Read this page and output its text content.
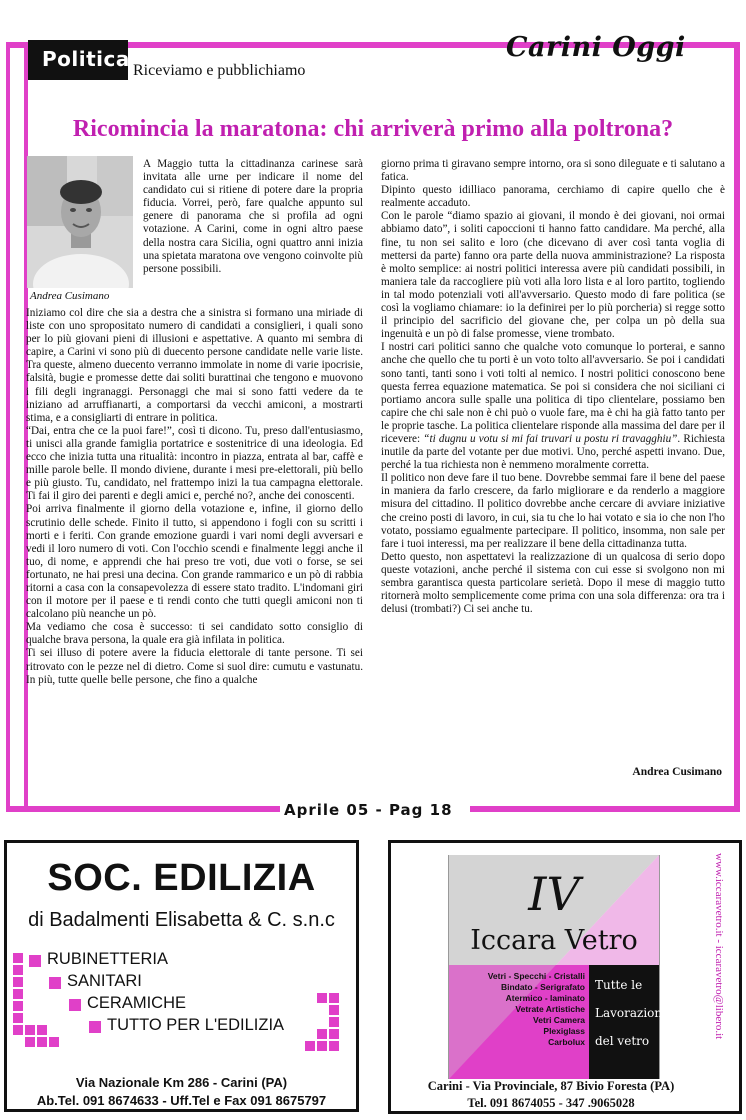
Politica Riceviamo e pubblichiamo
Carini Oggi
Ricomincia la maratona: chi arriverà primo alla poltrona?
Andrea Cusimano
A Maggio tutta la cittadinanza carinese sarà invitata alle urne per indicare il nome del candidato cui si ritiene di potere dare la propria fiducia. Vorrei, però, fare qualche appunto sul genere di panorama che si profila ad ogni votazione. A Carini, come in ogni altro paese della nostra cara Sicilia, ogni quattro anni inizia una spietata maratona ove vengono coinvolte più persone possibili.

Iniziamo col dire che sia a destra che a sinistra si formano una miriade di liste con uno spropositato numero di candidati a consiglieri, i quali sono per lo più giovani pieni di illusioni e aspettative. A quanto mi sembra di capire, a Carini vi sono più di duecento persone candidate nelle varie liste. Tra queste, almeno duecento verranno immolate in nome di varie ipocrisie, falsità, bugie e promesse dette dai soliti burattinai che tengono e muovono i fili degli ingranaggi. Personaggi che mai si sono fatti vedere da te iniziano ad arruffianarti, a comportarsi da vecchi amiconi, a mostrarti stima, e a consigliarti di entrare in politica.

“Dai, entra che ce la puoi fare!”, così ti dicono. Tu, preso dall'entusiasmo, ti unisci alla grande famiglia portatrice e sostenitrice di una ideologia. Ed ecco che inizia tutta una ritualità: incontro in piazza, entrata al bar, caffè e mille parole belle. Il mondo diviene, durante i mesi pre-elettorali, più bello e più giusto. Tu, candidato, nel frattempo inizi la tua campagna elettorale. Ti fai il giro dei parenti e degli amici e, perché no?, anche dei conoscenti.

Poi arriva finalmente il giorno della votazione e, infine, il giorno dello scrutinio delle schede. Finito il tutto, si appendono i fogli con su scritti i morti e i feriti. Con grande emozione guardi i vari nomi degli avversari e vedi il loro numero di voti. Con l'occhio scendi e finalmente leggi anche il tuo, di nome, e apprendi che hai preso tre voti, due voti o forse, se sei fortunato, ne hai presi una decina. Con grande rammarico e un pò di rabbia ritorni a casa con la consapevolezza di essere stato tradito. L'indomani giri con il motore per il paese e ti rendi conto che tutti quegli amiconi non ti calcolano più neanche un pò.

Ma vediamo che cosa è successo: ti sei candidato sotto consiglio di qualche brava persona, la quale era già infilata in politica.

Ti sei illuso di potere avere la fiducia elettorale di tante persone. Ti sei ritrovato con le pezze nel di dietro. Come si suol dire: cumutu e vastunatu. In più, tutte quelle belle persone, che fino a qualche

giorno prima ti giravano sempre intorno, ora si sono dileguate e ti salutano a fatica.

Dipinto questo idilliaco panorama, cerchiamo di capire quello che è realmente accaduto.

Con le parole “diamo spazio ai giovani, il mondo è dei giovani, noi ormai abbiamo dato”, i soliti capoccioni ti hanno fatto candidare. Ma perché, alla fine, tu non sei salito e loro (che dicevano di aver così tanta voglia di mettersi da parte) fanno ora parte della nuova amministrazione? La risposta è molto semplice: ai nostri politici interessa avere più candidati possibili, in maniera tale da raccogliere più voti alla loro lista e al loro partito, togliendo in tal modo potenziali voti all'avversario. Questo modo di fare politica (se così la vogliamo chiamare: io la definirei per lo più porcheria) si regge sotto il principio del sacrificio del giovane che, per colpa un pò della sua ingenuità e un pò di false promesse, viene trombato.

I nostri cari politici sanno che qualche voto comunque lo porterai, e sanno anche che quello che tu porti è un voto tolto all'avversario. Se poi i candidati sono tanti, tanti sono i voti tolti al nemico. I nostri politici conoscono bene questa ferrea equazione matematica. Se poi si considera che noi siciliani ci portiamo ancora sulle spalle una politica di tipo clientelare, possiamo ben capire che chi sale non è chi può o vuole fare, ma è chi ha già fatto tanto per le proprie tasche. La politica clientelare risponde alla massima del dare per il ricevere: “ti dugnu u votu si mi fai truvari u postu ri travagghiu”. Richiesta inutile da parte del votante per due motivi. Uno, perché aspetti invano. Due, perché la tua richiesta non è nemmeno moralmente corretta.

Il politico non deve fare il tuo bene. Dovrebbe semmai fare il bene del paese in maniera da farlo crescere, da farlo migliorare e da renderlo a maggiore misura del cittadino. Il politico dovrebbe anche cercare di avviare iniziative che creino posti di lavoro, in cui, sia tu che lo hai votato e sia io che non l'ho votato, possiamo egualmente partecipare. Il politico, insomma, non sale per fare i tuoi interessi, ma per realizzare il bene della cittadinanza tutta.

Detto questo, non aspettatevi la realizzazione di un qualcosa di serio dopo queste votazioni, anche perché il sistema con cui esse si svolgono non mi sembra garantisca questa particolare serietà. Dopo il mese di maggio tutto ritornerà molto semplicemente come prima con una sola differenza: ora tra i delusi (trombati?) Ci sei anche tu.

Andrea Cusimano
Aprile 05 - Pag 18
SOC. EDILIZIA
di Badalmenti Elisabetta & C. s.n.c
RUBINETTERIA
SANITARI
CERAMICHE
TUTTO PER L'EDILIZIA
Via Nazionale Km 286 - Carini (PA)
Ab.Tel. 091 8674633 - Uff.Tel e Fax 091 8675797
IV
Iccara Vetro
Vetri - Specchi - Cristalli
Bindato - Serigrafato
Atermico - laminato
Vetrate Artistiche
Vetri Camera
Plexiglass
Carbolux
Tutte le
Lavorazioni
del vetro
www.iccaravetro.it - iccaravetro@libero.it
Carini - Via Provinciale, 87 Bivio Foresta (PA)
Tel. 091 8674055 - 347 .9065028
